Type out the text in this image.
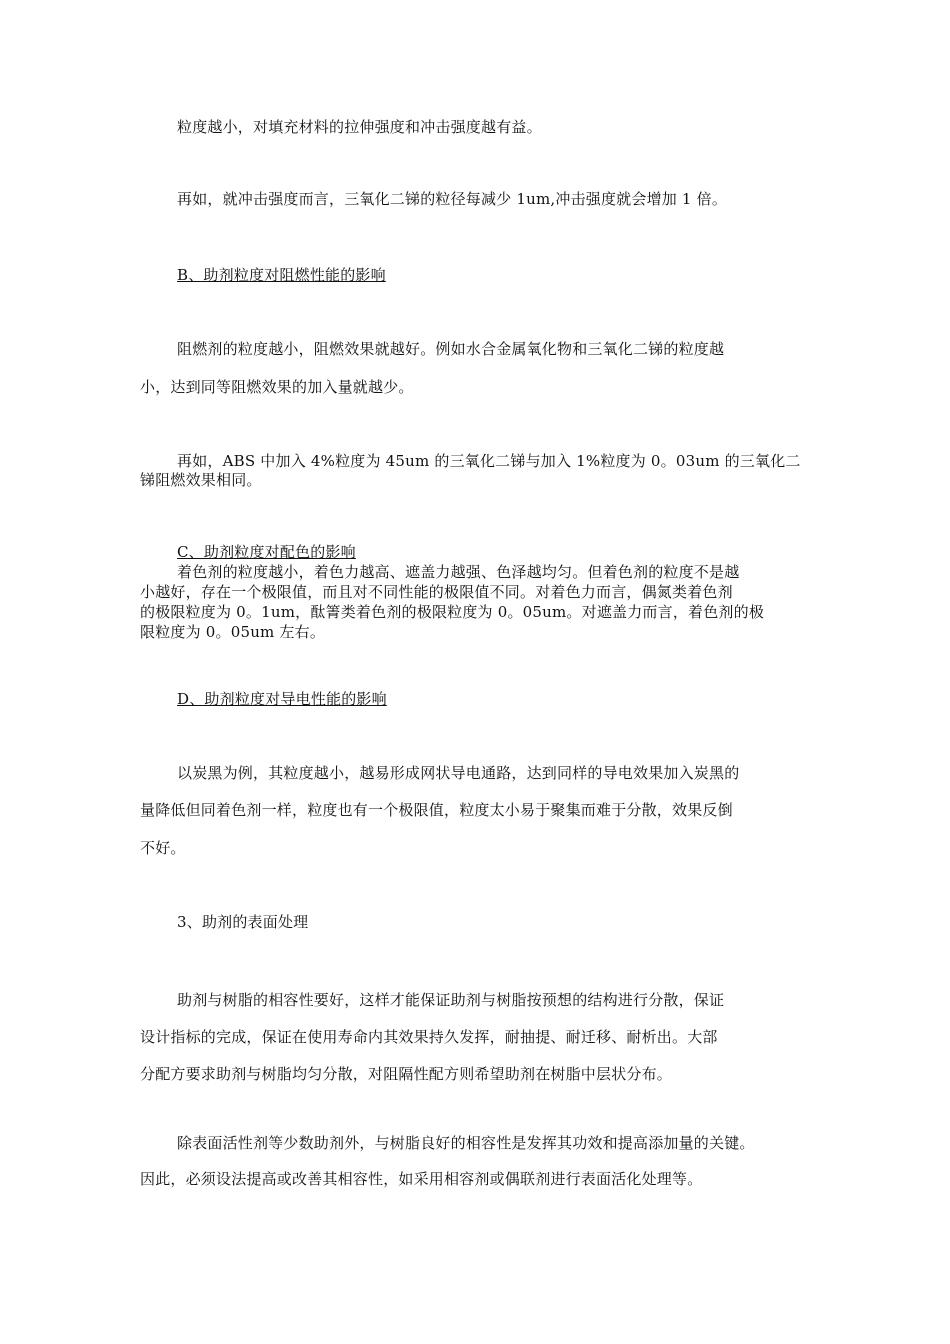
粒度越小，对填充材料的拉伸强度和冲击强度越有益。
再如，就冲击强度而言，三氧化二锑的粒径每减少 1um,冲击强度就会增加 1 倍。
B、助剂粒度对阻燃性能的影响
阻燃剂的粒度越小，阻燃效果就越好。例如水合金属氧化物和三氧化二锑的粒度越
小，达到同等阻燃效果的加入量就越少。
再如，ABS 中加入 4%粒度为 45um 的三氧化二锑与加入 1%粒度为 0。03um 的三氧化二
锑阻燃效果相同。
C、助剂粒度对配色的影响
着色剂的粒度越小，着色力越高、遮盖力越强、色泽越均匀。但着色剂的粒度不是越
小越好，存在一个极限值，而且对不同性能的极限值不同。对着色力而言，偶氮类着色剂
的极限粒度为 0。1um，酞箐类着色剂的极限粒度为 0。05um。对遮盖力而言，着色剂的极
限粒度为 0。05um 左右。
D、助剂粒度对导电性能的影响
以炭黑为例，其粒度越小，越易形成网状导电通路，达到同样的导电效果加入炭黑的
量降低但同着色剂一样，粒度也有一个极限值，粒度太小易于聚集而难于分散，效果反倒
不好。
3、助剂的表面处理
助剂与树脂的相容性要好，这样才能保证助剂与树脂按预想的结构进行分散，保证
设计指标的完成，保证在使用寿命内其效果持久发挥，耐抽提、耐迁移、耐析出。大部
分配方要求助剂与树脂均匀分散，对阻隔性配方则希望助剂在树脂中层状分布。
除表面活性剂等少数助剂外，与树脂良好的相容性是发挥其功效和提高添加量的关键。
因此，必须设法提高或改善其相容性，如采用相容剂或偶联剂进行表面活化处理等。
